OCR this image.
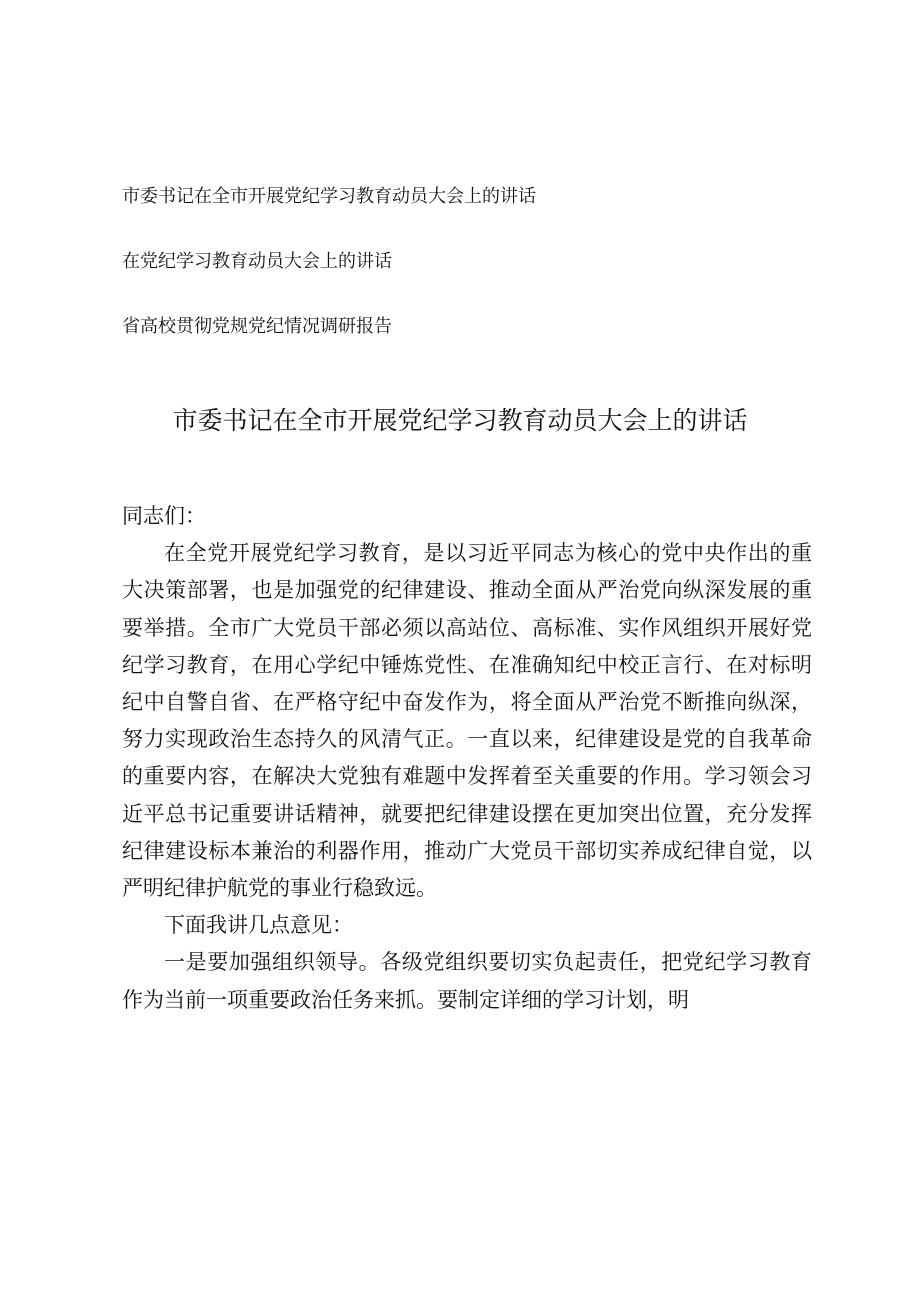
市委书记在全市开展党纪学习教育动员大会上的讲话
在党纪学习教育动员大会上的讲话
省高校贯彻党规党纪情况调研报告
市委书记在全市开展党纪学习教育动员大会上的讲话

同志们：

在全党开展党纪学习教育，是以习近平同志为核心的党中央作出的重大决策部署，也是加强党的纪律建设、推动全面从严治党向纵深发展的重要举措。全市广大党员干部必须以高站位、高标准、实作风组织开展好党纪学习教育，在用心学纪中锤炼党性、在准确知纪中校正言行、在对标明纪中自警自省、在严格守纪中奋发作为，将全面从严治党不断推向纵深，努力实现政治生态持久的风清气正。一直以来，纪律建设是党的自我革命的重要内容，在解决大党独有难题中发挥着至关重要的作用。学习领会习近平总书记重要讲话精神，就要把纪律建设摆在更加突出位置，充分发挥纪律建设标本兼治的利器作用，推动广大党员干部切实养成纪律自觉，以严明纪律护航党的事业行稳致远。

下面我讲几点意见：

一是要加强组织领导。各级党组织要切实负起责任，把党纪学习教育作为当前一项重要政治任务来抓。要制定详细的学习计划，明
